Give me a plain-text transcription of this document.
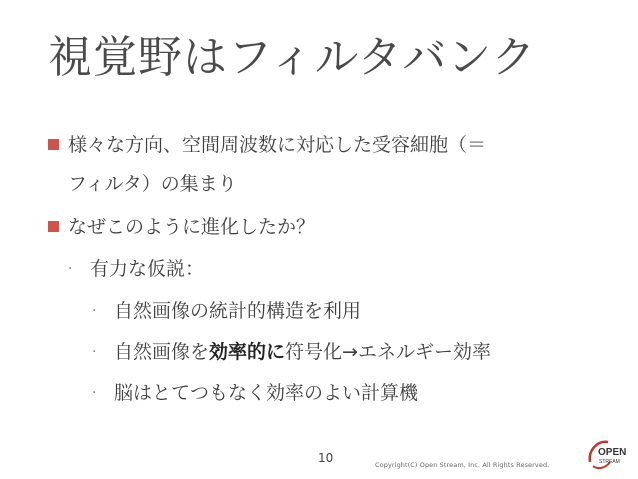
視覚野はフィルタバンク
様々な方向、空間周波数に対応した受容細胞（＝
フィルタ）の集まり
なぜこのように進化したか？
· 有力な仮説：
· 自然画像の統計的構造を利用
· 自然画像を効率的に符号化→エネルギー効率
· 脳はとてつもなく効率のよい計算機
10	Copyright(C) Open Stream, Inc. All Rights Reserved.
OPEN
STREAM
